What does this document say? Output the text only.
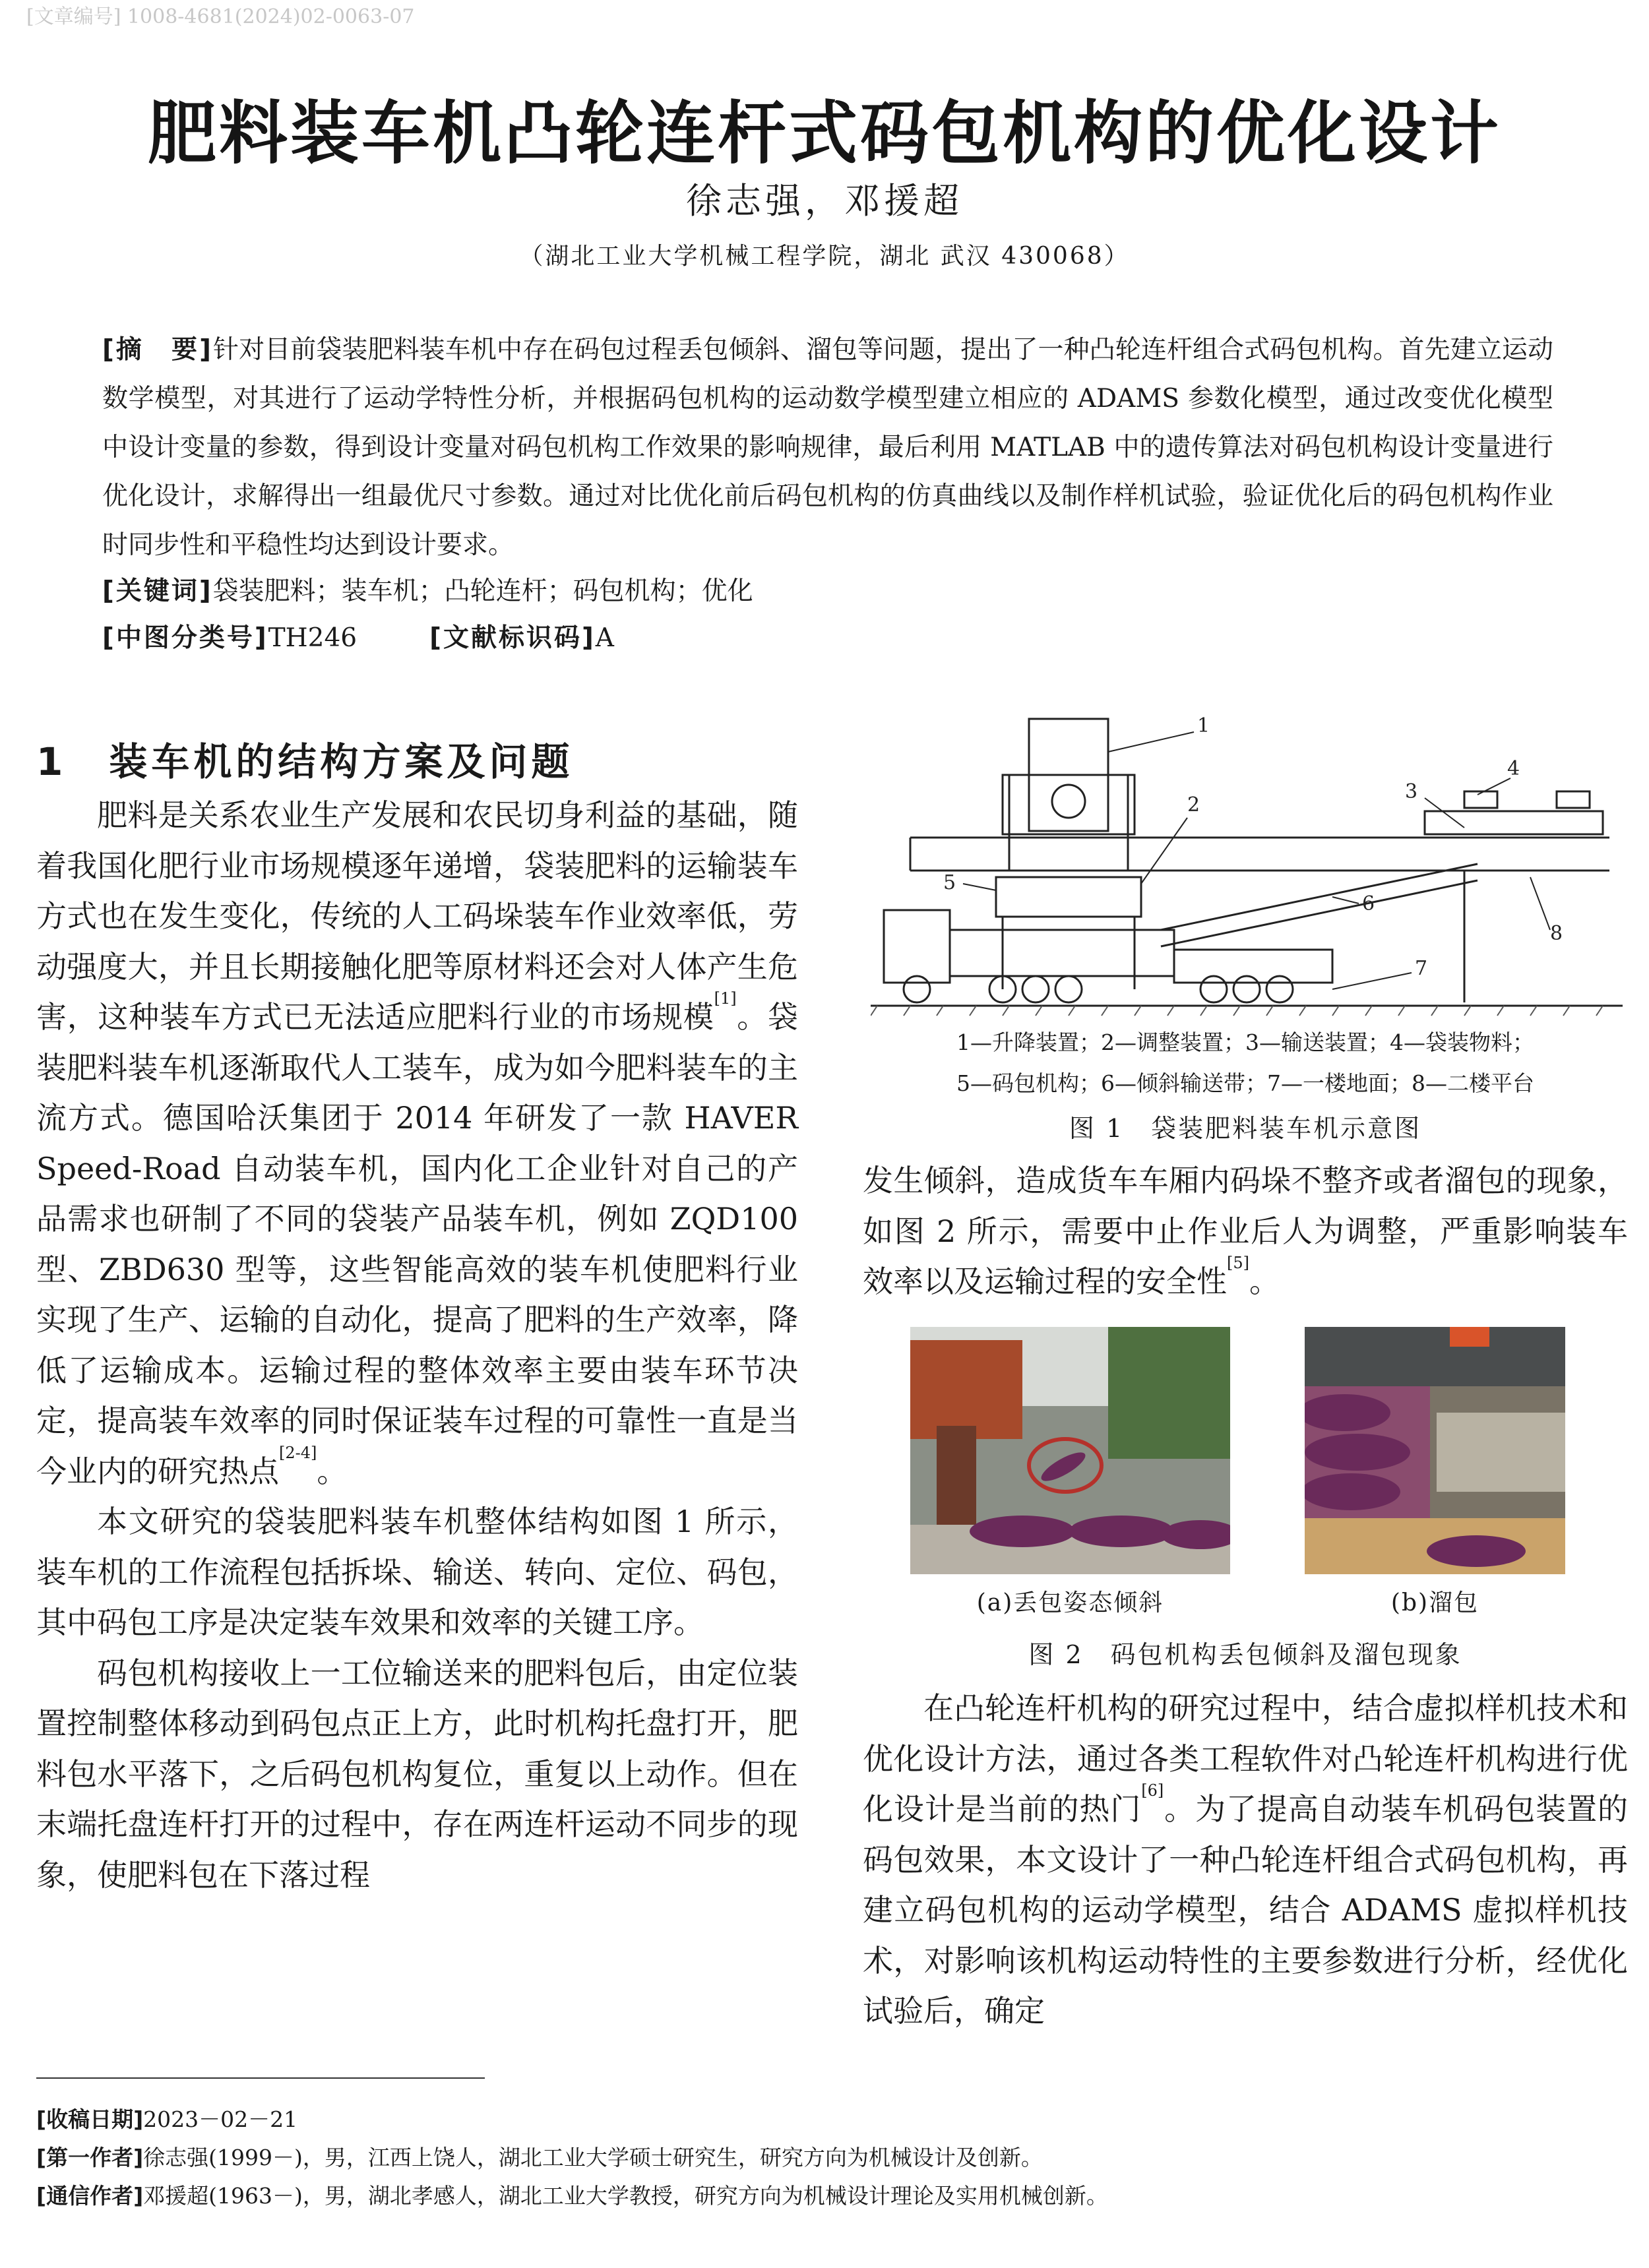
[文章编号] 1008-4681(2024)02-0063-07
肥料装车机凸轮连杆式码包机构的优化设计
徐志强，邓援超
（湖北工业大学机械工程学院，湖北 武汉 430068）

[摘　要]针对目前袋装肥料装车机中存在码包过程丢包倾斜、溜包等问题，提出了一种凸轮连杆组合式码包机构。首先建立运动数学模型，对其进行了运动学特性分析，并根据码包机构的运动数学模型建立相应的 ADAMS 参数化模型，通过改变优化模型中设计变量的参数，得到设计变量对码包机构工作效果的影响规律，最后利用 MATLAB 中的遗传算法对码包机构设计变量进行优化设计，求解得出一组最优尺寸参数。通过对比优化前后码包机构的仿真曲线以及制作样机试验，验证优化后的码包机构作业时同步性和平稳性均达到设计要求。

[关键词]袋装肥料；装车机；凸轮连杆；码包机构；优化
[中图分类号]TH246	[文献标识码]A
1　装车机的结构方案及问题

肥料是关系农业生产发展和农民切身利益的基础，随着我国化肥行业市场规模逐年递增，袋装肥料的运输装车方式也在发生变化，传统的人工码垛装车作业效率低，劳动强度大，并且长期接触化肥等原材料还会对人体产生危害，这种装车方式已无法适应肥料行业的市场规模[1]。袋装肥料装车机逐渐取代人工装车，成为如今肥料装车的主流方式。德国哈沃集团于 2014 年研发了一款 HAVER Speed-Road 自动装车机，国内化工企业针对自己的产品需求也研制了不同的袋装产品装车机，例如 ZQD100 型、ZBD630 型等，这些智能高效的装车机使肥料行业实现了生产、运输的自动化，提高了肥料的生产效率，降低了运输成本。运输过程的整体效率主要由装车环节决定，提高装车效率的同时保证装车过程的可靠性一直是当今业内的研究热点[2-4]。

本文研究的袋装肥料装车机整体结构如图 1 所示，装车机的工作流程包括拆垛、输送、转向、定位、码包，其中码包工序是决定装车效果和效率的关键工序。

码包机构接收上一工位输送来的肥料包后，由定位装置控制整体移动到码包点正上方，此时机构托盘打开，肥料包水平落下，之后码包机构复位，重复以上动作。但在末端托盘连杆打开的过程中，存在两连杆运动不同步的现象，使肥料包在下落过程

1
2
3
4
5
6
7
8
1—升降装置；2—调整装置；3—输送装置；4—袋装物料；
5—码包机构；6—倾斜输送带；7—一楼地面；8—二楼平台
图 1　袋装肥料装车机示意图

发生倾斜，造成货车车厢内码垛不整齐或者溜包的现象，如图 2 所示，需要中止作业后人为调整，严重影响装车效率以及运输过程的安全性[5]。

(a)丢包姿态倾斜	(b)溜包
图 2　码包机构丢包倾斜及溜包现象

在凸轮连杆机构的研究过程中，结合虚拟样机技术和优化设计方法，通过各类工程软件对凸轮连杆机构进行优化设计是当前的热门[6]。为了提高自动装车机码包装置的码包效果，本文设计了一种凸轮连杆组合式码包机构，再建立码包机构的运动学模型，结合 ADAMS 虚拟样机技术，对影响该机构运动特性的主要参数进行分析，经优化试验后，确定

[收稿日期]2023－02－21
[第一作者]徐志强(1999－)，男，江西上饶人，湖北工业大学硕士研究生，研究方向为机械设计及创新。
[通信作者]邓援超(1963－)，男，湖北孝感人，湖北工业大学教授，研究方向为机械设计理论及实用机械创新。
